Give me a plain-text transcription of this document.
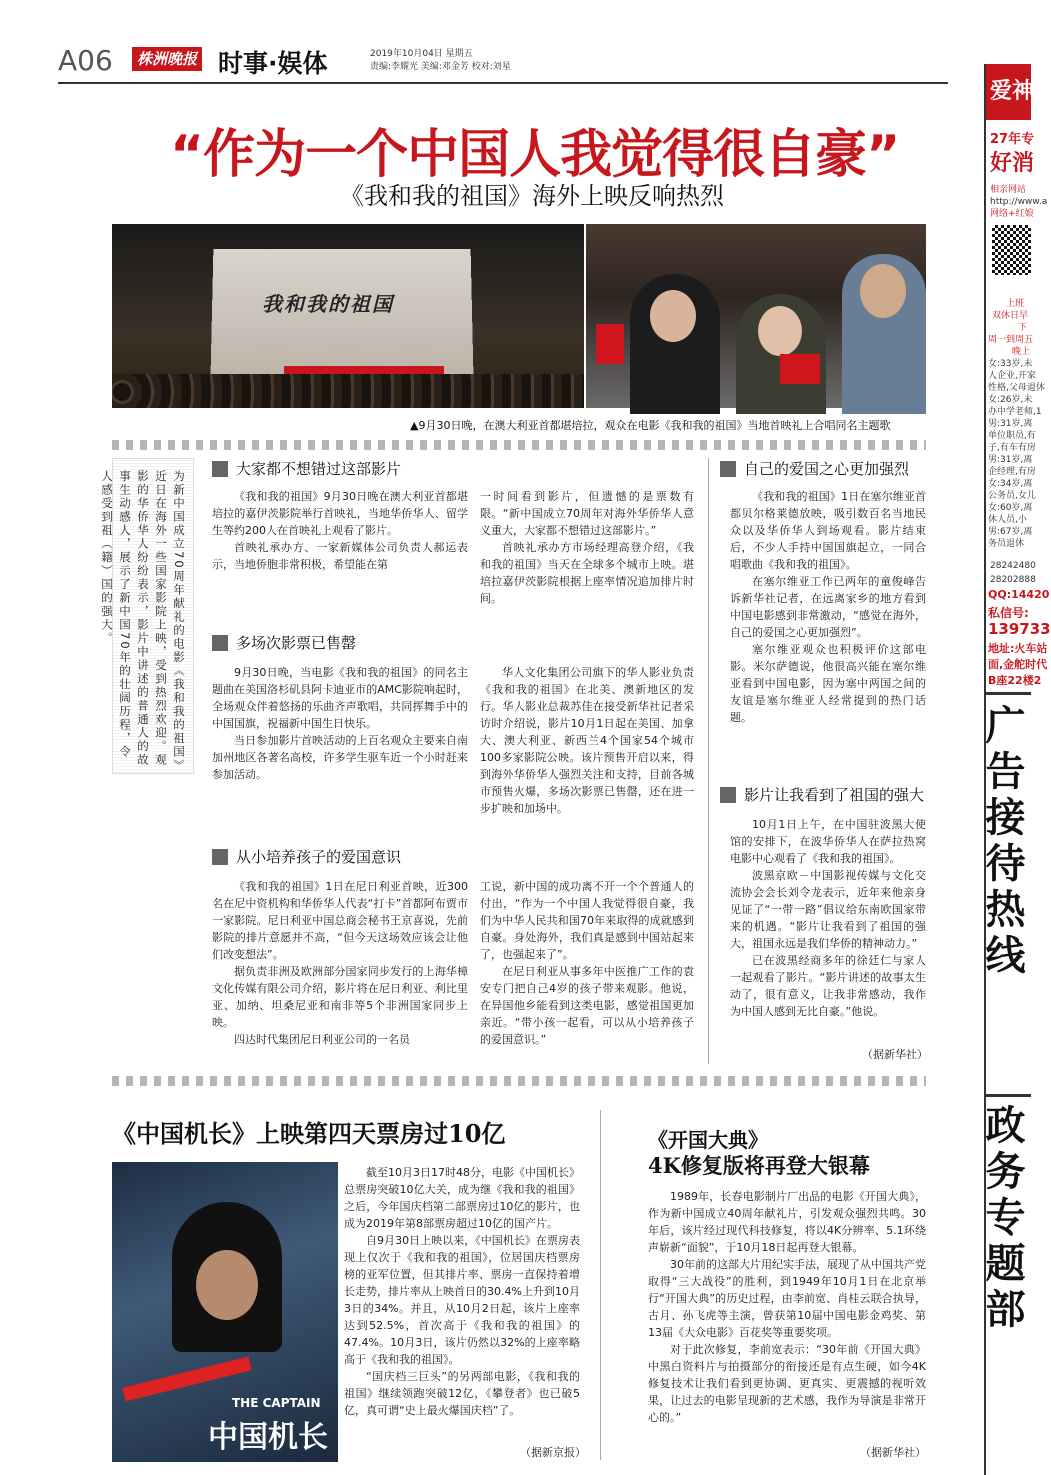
A06	株洲晚报 时事·娱体	2019年10月04日 星期五
责编:李耀光 美编:邓金芳 校对:刘星
“作为一个中国人我觉得很自豪”
《我和我的祖国》海外上映反响热烈
我和我的祖国
▲9月30日晚，在澳大利亚首都堪培拉，观众在电影《我和我的祖国》当地首映礼上合唱同名主题歌
为新中国成立70周年献礼的电影《我和我的祖国》近日在海外一些国家影院上映，受到热烈欢迎。观影的华侨华人纷纷表示，影片中讲述的普通人的故事生动感人，展示了新中国70年的壮阔历程，令人感受到祖（籍）国的强大。
大家都不想错过这部影片

《我和我的祖国》9月30日晚在澳大利亚首都堪培拉的嘉伊茨影院举行首映礼，当地华侨华人、留学生等约200人在首映礼上观看了影片。

首映礼承办方、一家新媒体公司负责人郝运表示，当地侨胞非常积极，希望能在第

一时间看到影片，但遗憾的是票数有限。“新中国成立70周年对海外华侨华人意义重大，大家都不想错过这部影片。”

首映礼承办方市场经理高登介绍，《我和我的祖国》当天在全球多个城市上映。堪培拉嘉伊茨影院根据上座率情况追加排片时间。

多场次影票已售罄

9月30日晚，当电影《我和我的祖国》的同名主题曲在美国洛杉矶县阿卡迪亚市的AMC影院响起时，全场观众伴着悠扬的乐曲齐声歌唱，共同挥舞手中的中国国旗，祝福新中国生日快乐。

当日参加影片首映活动的上百名观众主要来自南加州地区各著名高校，许多学生驱车近一个小时赶来参加活动。

华人文化集团公司旗下的华人影业负责《我和我的祖国》在北美、澳新地区的发行。华人影业总裁苏佳在接受新华社记者采访时介绍说，影片10月1日起在美国、加拿大、澳大利亚、新西兰4个国家54个城市100多家影院公映。该片预售开启以来，得到海外华侨华人强烈关注和支持，目前各城市预售火爆，多场次影票已售罄，还在进一步扩映和加场中。

从小培养孩子的爱国意识

《我和我的祖国》1日在尼日利亚首映，近300名在尼中资机构和华侨华人代表“打卡”首都阿布贾市一家影院。尼日利亚中国总商会秘书王京喜说，先前影院的排片意愿并不高，“但今天这场效应该会让他们改变想法”。

据负责非洲及欧洲部分国家同步发行的上海华樟文化传媒有限公司介绍，影片将在尼日利亚、利比里亚、加纳、坦桑尼亚和南非等5个非洲国家同步上映。

四达时代集团尼日利亚公司的一名员

工说，新中国的成功离不开一个个普通人的付出，“作为一个中国人我觉得很自豪，我们为中华人民共和国70年来取得的成就感到自豪。身处海外，我们真是感到中国站起来了，也强起来了”。

在尼日利亚从事多年中医推广工作的袁安专门把自己4岁的孩子带来观影。他说，在异国他乡能看到这类电影，感觉祖国更加亲近。“带小孩一起看，可以从小培养孩子的爱国意识。”

自己的爱国之心更加强烈

《我和我的祖国》1日在塞尔维亚首都贝尔格莱德放映，吸引数百名当地民众以及华侨华人到场观看。影片结束后，不少人手持中国国旗起立，一同合唱歌曲《我和我的祖国》。

在塞尔维亚工作已两年的童俊峰告诉新华社记者，在远离家乡的地方看到中国电影感到非常激动，“感觉在海外，自己的爱国之心更加强烈”。

塞尔维亚观众也积极评价这部电影。米尔萨德说，他很高兴能在塞尔维亚看到中国电影，因为塞中两国之间的友谊是塞尔维亚人经常提到的热门话题。

影片让我看到了祖国的强大

10月1日上午，在中国驻波黑大使馆的安排下，在波华侨华人在萨拉热窝电影中心观看了《我和我的祖国》。

波黑京欧－中国影视传媒与文化交流协会会长刘令龙表示，近年来他亲身见证了“一带一路”倡议给东南欧国家带来的机遇。“影片让我看到了祖国的强大，祖国永远是我们华侨的精神动力。”

已在波黑经商多年的徐廷仁与家人一起观看了影片。“影片讲述的故事太生动了，很有意义，让我非常感动，我作为中国人感到无比自豪。”他说。

（据新华社）
《中国机长》上映第四天票房过10亿
THE CAPTAIN
中国机长

截至10月3日17时48分，电影《中国机长》总票房突破10亿大关，成为继《我和我的祖国》之后，今年国庆档第二部票房过10亿的影片，也成为2019年第8部票房超过10亿的国产片。

自9月30日上映以来，《中国机长》在票房表现上仅次于《我和我的祖国》，位居国庆档票房榜的亚军位置，但其排片率、票房一直保持着增长走势，排片率从上映首日的30.4%上升到10月3日的34%。并且，从10月2日起，该片上座率达到52.5%，首次高于《我和我的祖国》的47.4%。10月3日，该片仍然以32%的上座率略高于《我和我的祖国》。

“国庆档三巨头”的另两部电影，《我和我的祖国》继续领跑突破12亿，《攀登者》也已破5亿，真可谓“史上最火爆国庆档”了。

（据新京报）
《开国大典》
4K修复版将再登大银幕

1989年，长春电影制片厂出品的电影《开国大典》，作为新中国成立40周年献礼片，引发观众强烈共鸣。30年后，该片经过现代科技修复，将以4K分辨率、5.1环绕声崭新“面貌”，于10月18日起再登大银幕。

30年前的这部大片用纪实手法，展现了从中国共产党取得“三大战役”的胜利，到1949年10月1日在北京举行“开国大典”的历史过程，由李前宽、肖桂云联合执导，古月、孙飞虎等主演，曾获第10届中国电影金鸡奖、第13届《大众电影》百花奖等重要奖项。

对于此次修复，李前宽表示：“30年前《开国大典》中黑白资料片与拍摄部分的衔接还是有点生硬，如今4K修复技术让我们看到更协调、更真实、更震撼的视听效果，让过去的电影呈现新的艺术感，我作为导演是非常开心的。”

（据新华社）
爱神
27年专
好消
相亲网站
http://www.a
网络+红娘
上班
双休日早
下
周一到周五
晚上
女:33岁,未
人企业,开家
性格,父母退休
女:26岁,未
办中学老师,1
男:31岁,离
单位职员,有
子,有车有房
男:31岁,离
企经理,有房
女:34岁,离
公务员,女儿
女:60岁,离
休人员,小
男:67岁,离
务员退休
28242480
28202888
QQ:14420
私信号:
139733
地址:火车站
面,金舵时代
B座22楼2
广告接待热线
政务专题部
